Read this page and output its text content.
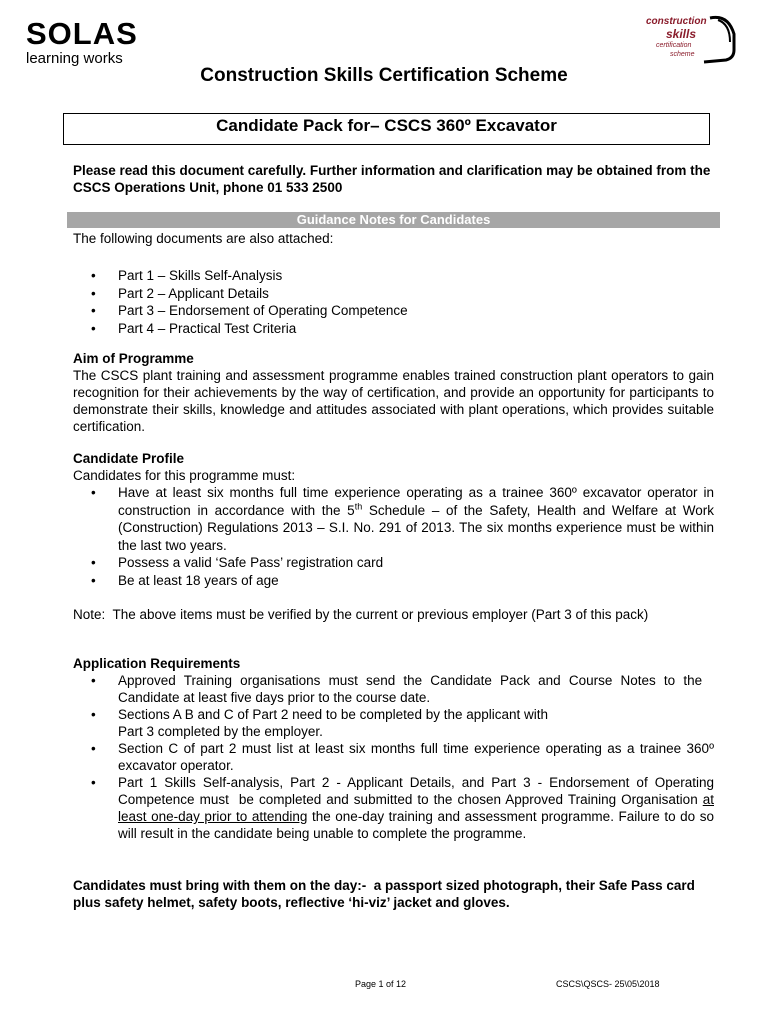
SOLAS
learning works
construction
skills
certification
scheme
Construction Skills Certification Scheme
Candidate Pack for– CSCS 360º Excavator
Please read this document carefully. Further information and clarification may be obtained from the CSCS Operations Unit, phone 01 533 2500
Guidance Notes for Candidates
The following documents are also attached:
• Part 1 – Skills Self-Analysis
• Part 2 – Applicant Details
• Part 3 – Endorsement of Operating Competence
• Part 4 – Practical Test Criteria
Aim of Programme
The CSCS plant training and assessment programme enables trained construction plant operators to gain recognition for their achievements by the way of certification, and provide an opportunity for participants to demonstrate their skills, knowledge and attitudes associated with plant operations, which provides suitable certification.
Candidate Profile
Candidates for this programme must:
• Have at least six months full time experience operating as a trainee 360º excavator operator in construction in accordance with the 5th Schedule – of the Safety, Health and Welfare at Work (Construction) Regulations 2013 – S.I. No. 291 of 2013. The six months experience must be within the last two years.
• Possess a valid ‘Safe Pass’ registration card
• Be at least 18 years of age
Note:  The above items must be verified by the current or previous employer (Part 3 of this pack)
Application Requirements
• Approved Training organisations must send the Candidate Pack and Course Notes to the   Candidate at least five days prior to the course date.
• Sections A B and C of Part 2 need to be completed by the applicant with
Part 3 completed by the employer.
• Section C of part 2 must list at least six months full time experience operating as a trainee 360º excavator operator.
• Part 1 Skills Self-analysis, Part 2 - Applicant Details, and Part 3 - Endorsement of Operating Competence must  be completed and submitted to the chosen Approved Training Organisation at least one-day prior to attending the one-day training and assessment programme. Failure to do so will result in the candidate being unable to complete the programme.
Candidates must bring with them on the day:-  a passport sized photograph, their Safe Pass card plus safety helmet, safety boots, reflective ‘hi-viz’ jacket and gloves.
Page 1 of 12	CSCS\QSCS- 25\05\2018
